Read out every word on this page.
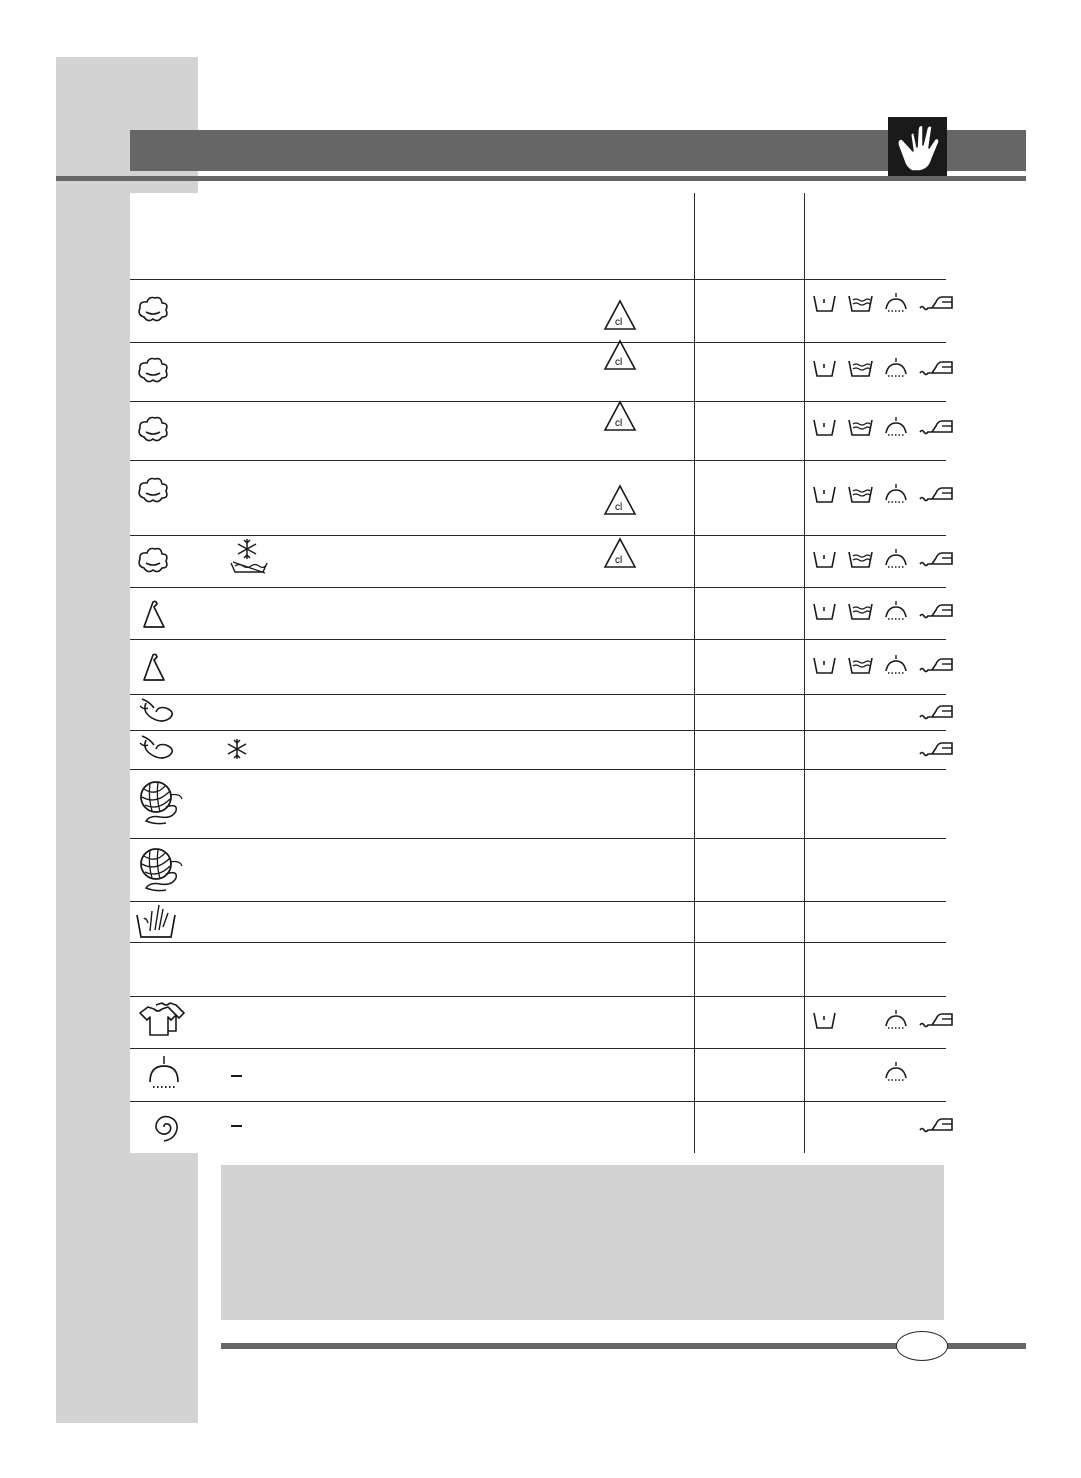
cl
cl
cl
cl
cl
